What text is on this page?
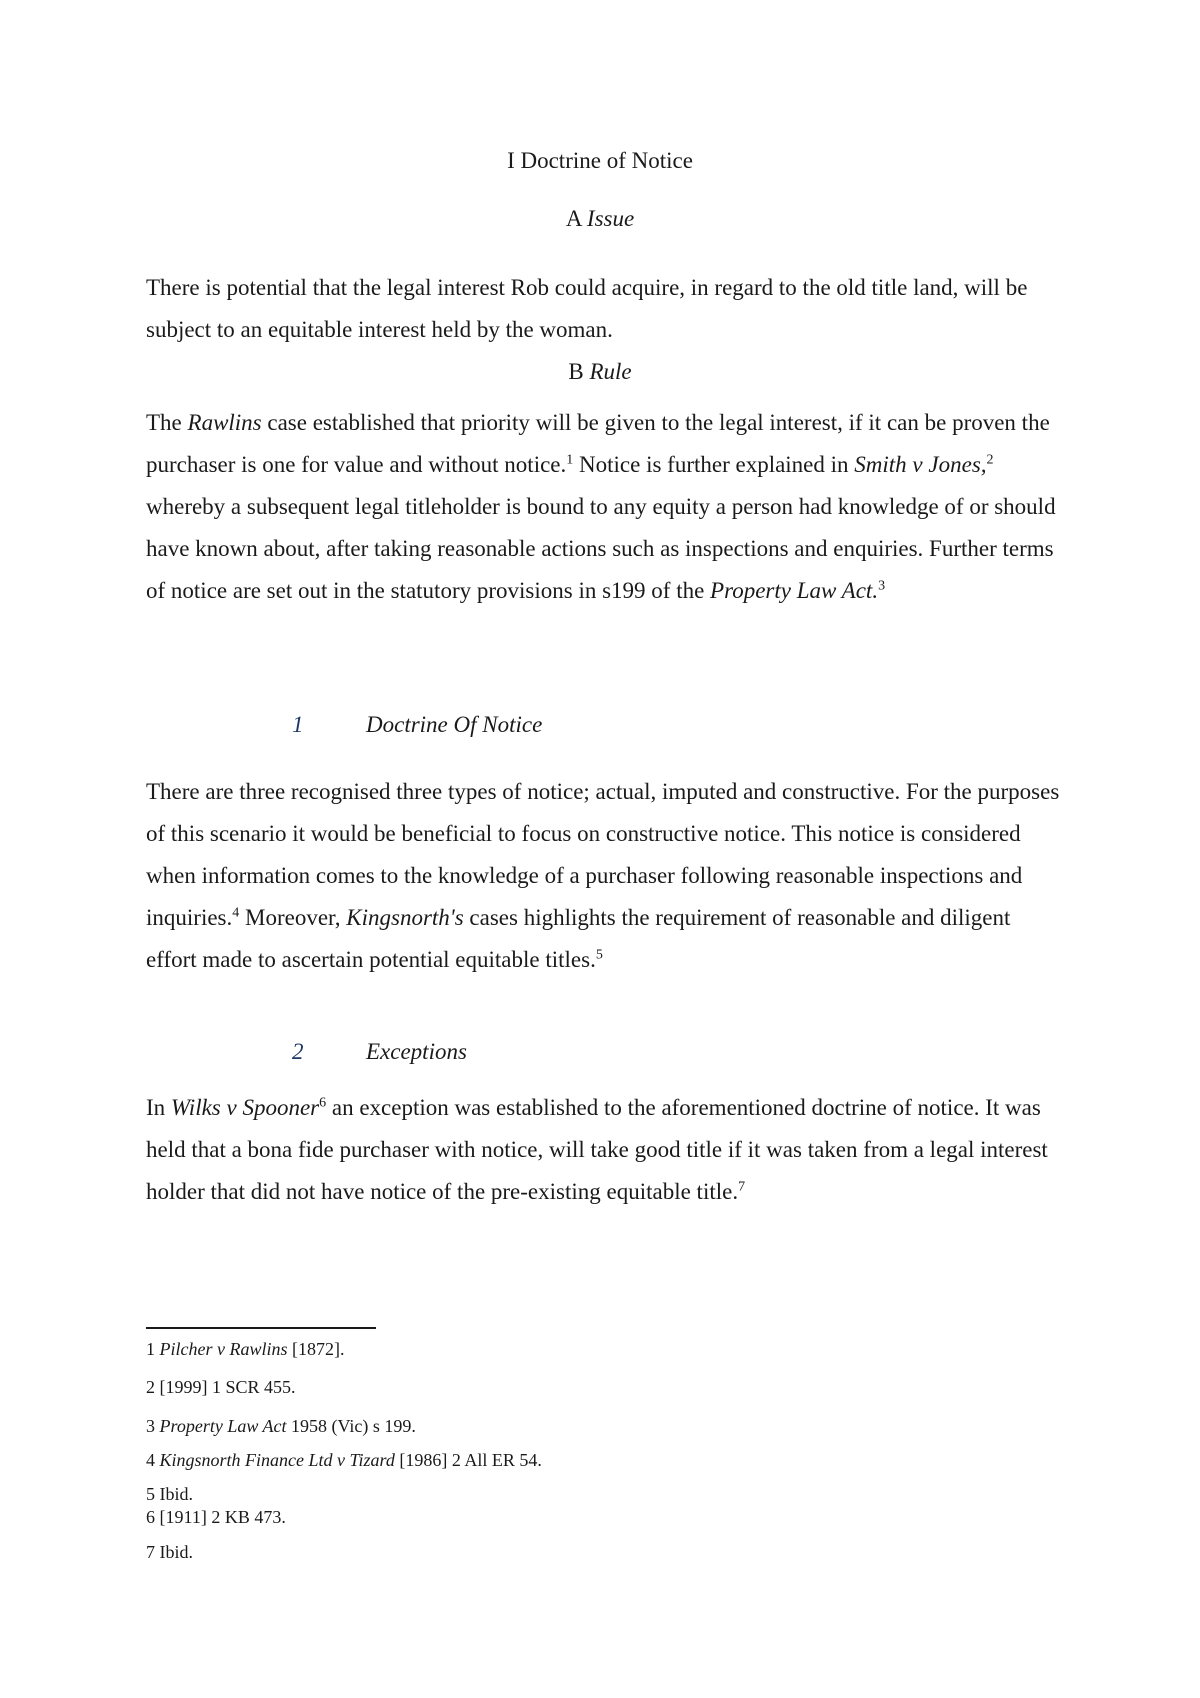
I Doctrine of Notice

A Issue

There is potential that the legal interest Rob could acquire, in regard to the old title land, will be subject to an equitable interest held by the woman.

B Rule

The Rawlins case established that priority will be given to the legal interest, if it can be proven the purchaser is one for value and without notice.$^1$ Notice is further explained in Smith v Jones,$^2$ whereby a subsequent legal titleholder is bound to any equity a person had knowledge of or should have known about, after taking reasonable actions such as inspections and enquiries. Further terms of notice are set out in the statutory provisions in s199 of the Property Law Act.$^3$

1	Doctrine Of Notice

There are three recognised three types of notice; actual, imputed and constructive. For the purposes of this scenario it would be beneficial to focus on constructive notice. This notice is considered when information comes to the knowledge of a purchaser following reasonable inspections and inquiries.$^4$ Moreover, Kingsnorth's cases highlights the requirement of reasonable and diligent effort made to ascertain potential equitable titles.$^5$

2	Exceptions

In Wilks v Spooner$^6$ an exception was established to the aforementioned doctrine of notice. It was held that a bona fide purchaser with notice, will take good title if it was taken from a legal interest holder that did not have notice of the pre-existing equitable title.$^7$

1 Pilcher v Rawlins [1872].

2 [1999] 1 SCR 455.

3 Property Law Act 1958 (Vic) s 199.

4 Kingsnorth Finance Ltd v Tizard [1986] 2 All ER 54.

5 Ibid.

6 [1911] 2 KB 473.

7 Ibid.
